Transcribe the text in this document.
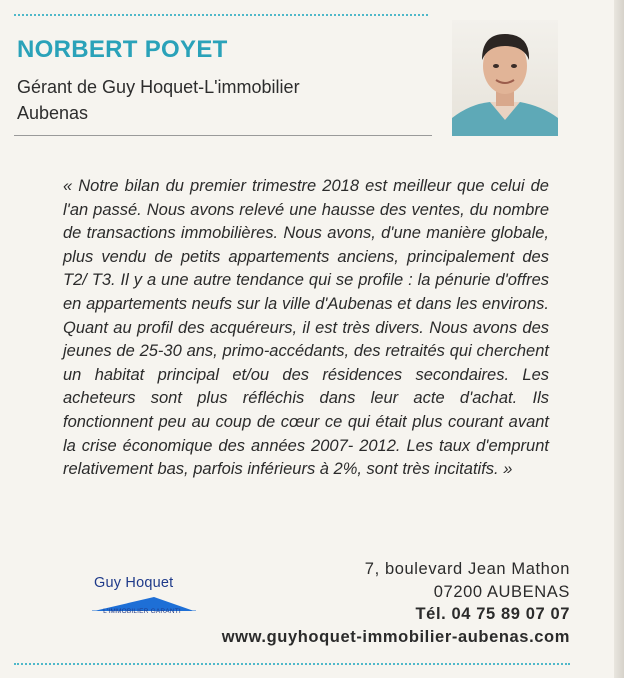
NORBERT POYET
Gérant de Guy Hoquet-L'immobilier
Aubenas

« Notre bilan du premier trimestre 2018 est meilleur que celui de l'an passé. Nous avons relevé une hausse des ventes, du nombre de transactions immobilières. Nous avons, d'une manière globale, plus vendu de petits appartements anciens, principalement des T2/ T3. Il y a une autre tendance qui se profile : la pénurie d'offres en appartements neufs sur la ville d'Aubenas et dans les environs. Quant au profil des acquéreurs, il est très divers. Nous avons des jeunes de 25-30 ans, primo-accédants, des retraités qui cherchent un habitat principal et/ou des résidences secondaires. Les acheteurs sont plus réfléchis dans leur acte d'achat. Ils fonctionnent peu au coup de cœur ce qui était plus courant avant la crise économique des années 2007- 2012. Les taux d'emprunt relativement bas, parfois inférieurs à 2%, sont très incitatifs. »

Guy Hoquet
L'IMMOBILIER GARANTI
7, boulevard Jean Mathon
07200 AUBENAS
Tél. 04 75 89 07 07
www.guyhoquet-immobilier-aubenas.com
